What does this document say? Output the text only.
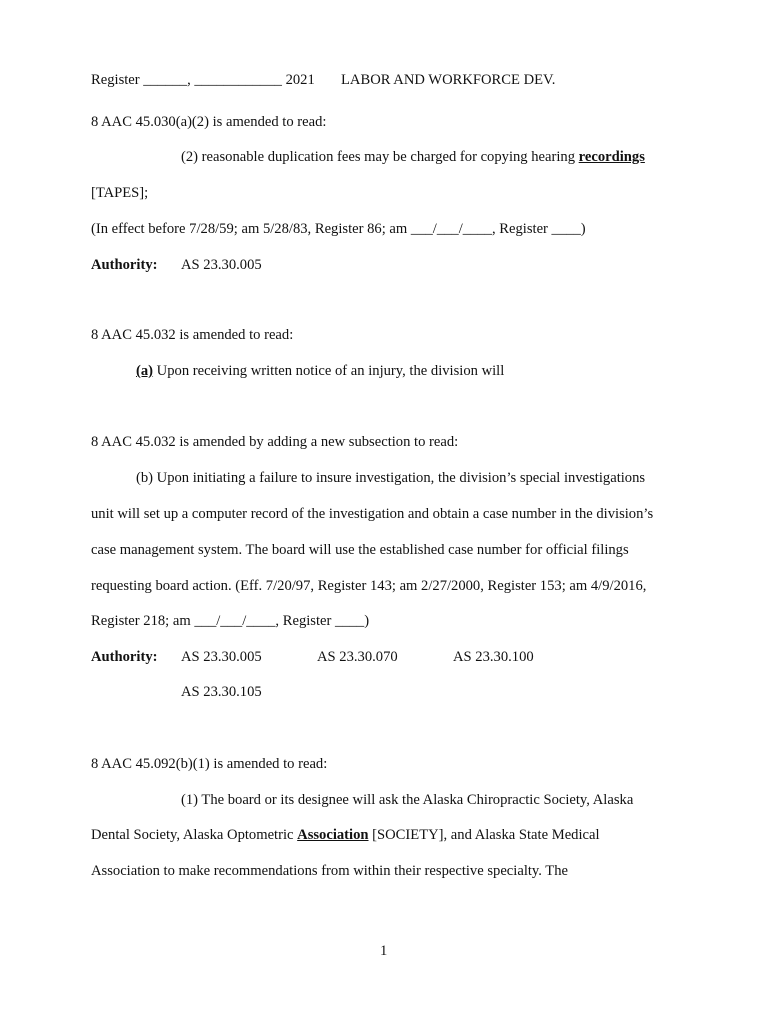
Register ______, ____________ 2021 LABOR AND WORKFORCE DEV.
8 AAC 45.030(a)(2) is amended to read:
(2) reasonable duplication fees may be charged for copying hearing recordings
[TAPES];
(In effect before 7/28/59; am 5/28/83, Register 86; am ___/___/____, Register ____)
Authority: AS 23.30.005
8 AAC 45.032 is amended to read:
(a) Upon receiving written notice of an injury, the division will
8 AAC 45.032 is amended by adding a new subsection to read:
(b) Upon initiating a failure to insure investigation, the division’s special investigations
unit will set up a computer record of the investigation and obtain a case number in the division’s
case management system. The board will use the established case number for official filings
requesting board action. (Eff. 7/20/97, Register 143; am 2/27/2000, Register 153; am 4/9/2016,
Register 218; am ___/___/____, Register ____)
Authority: AS 23.30.005	AS 23.30.070	AS 23.30.100
AS 23.30.105
8 AAC 45.092(b)(1) is amended to read:
(1) The board or its designee will ask the Alaska Chiropractic Society, Alaska
Dental Society, Alaska Optometric Association [SOCIETY], and Alaska State Medical
Association to make recommendations from within their respective specialty. The
1
